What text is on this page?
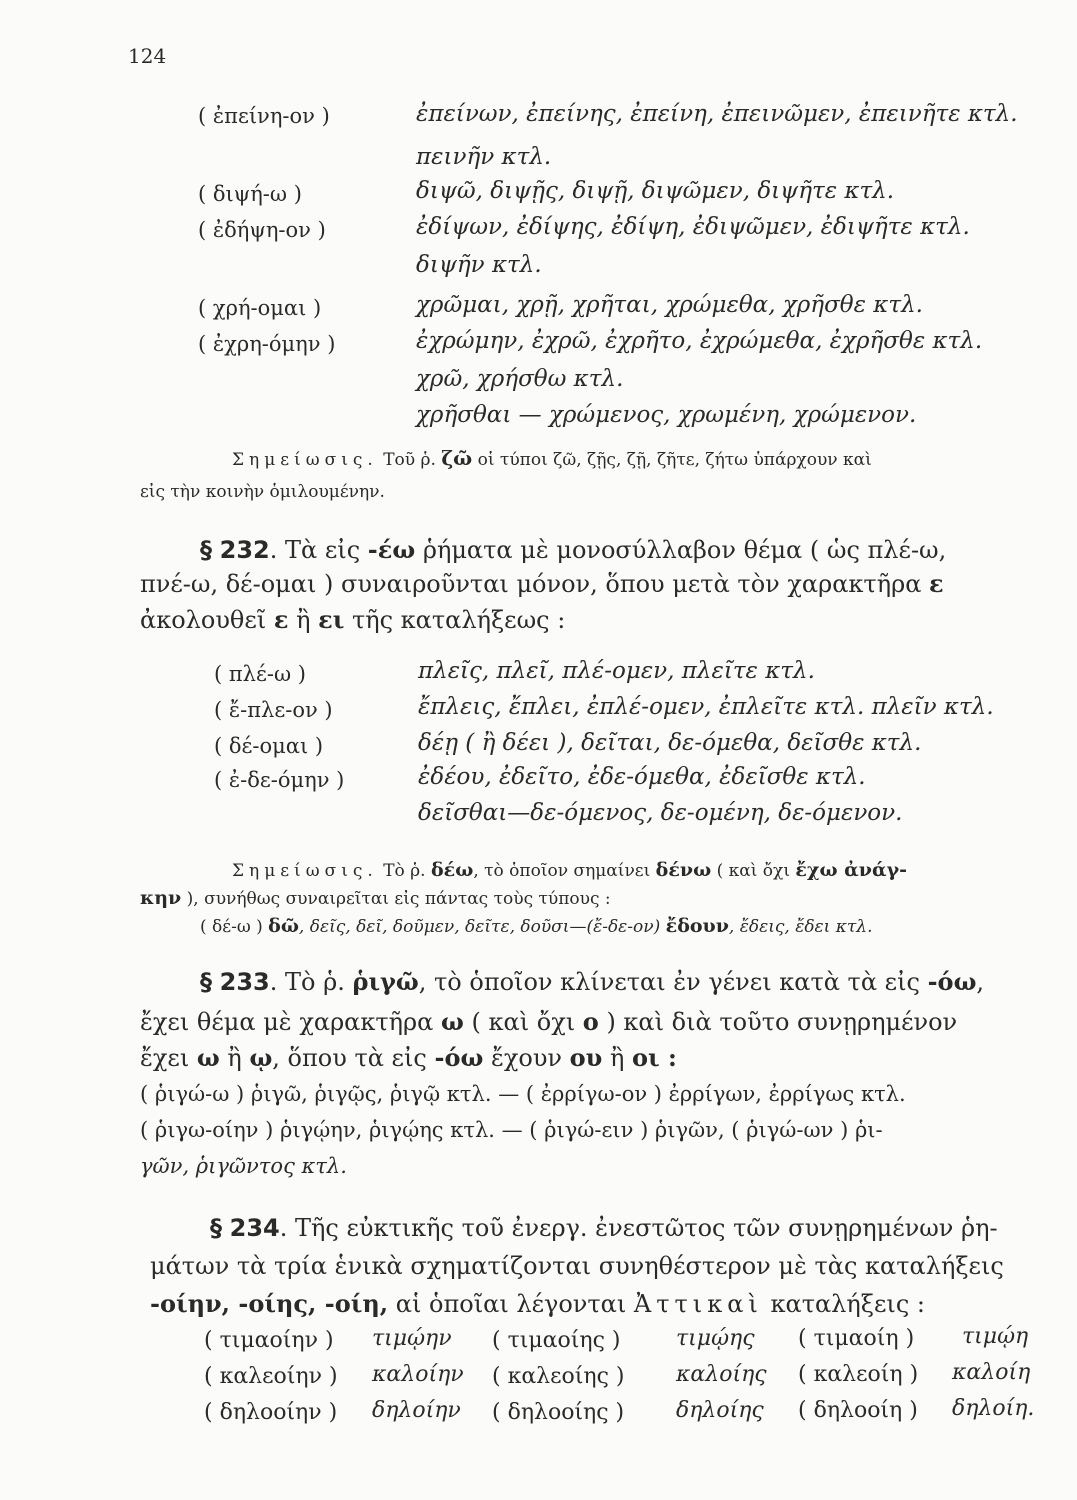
124
( ἐπείνη-ον )	ἐπείνων, ἐπείνης, ἐπείνη, ἐπεινῶμεν, ἐπεινῆτε κτλ.
πεινῆν κτλ.
( διψή-ω )	διψῶ, διψῇς, διψῇ, διψῶμεν, διψῆτε κτλ.
( ἐδήψη-ον )	ἐδίψων, ἐδίψης, ἐδίψη, ἐδιψῶμεν, ἐδιψῆτε κτλ.
διψῆν κτλ.
( χρή-ομαι )	χρῶμαι, χρῇ, χρῆται, χρώμεθα, χρῆσθε κτλ.
( ἐχρη-όμην )	ἐχρώμην, ἐχρῶ, ἐχρῆτο, ἐχρώμεθα, ἐχρῆσθε κτλ.
χρῶ, χρήσθω κτλ.
χρῆσθαι — χρώμενος, χρωμένη, χρώμενον.
Σημείωσις. Τοῦ ῥ. ζῶ οἱ τύποι ζῶ, ζῇς, ζῇ, ζῆτε, ζήτω ὑπάρχουν καὶ
εἰς τὴν κοινὴν ὁμιλουμένην.
§ 232. Τὰ εἰς -έω ῥήματα μὲ μονοσύλλαβον θέμα ( ὡς πλέ-ω,
πνέ-ω, δέ-ομαι ) συναιροῦνται μόνον, ὅπου μετὰ τὸν χαρακτῆρα ε
ἀκολουθεῖ ε ἢ ει τῆς καταλήξεως :
( πλέ-ω )	πλεῖς, πλεῖ, πλέ-ομεν, πλεῖτε κτλ.
( ἔ-πλε-ον )	ἔπλεις, ἔπλει, ἐπλέ-ομεν, ἐπλεῖτε κτλ. πλεῖν κτλ.
( δέ-ομαι )	δέῃ ( ἢ δέει ), δεῖται, δε-όμεθα, δεῖσθε κτλ.
( ἐ-δε-όμην )	ἐδέου, ἐδεῖτο, ἐδε-όμεθα, ἐδεῖσθε κτλ.
δεῖσθαι—δε-όμενος, δε-ομένη, δε-όμενον.
Σημείωσις. Τὸ ῥ. δέω, τὸ ὁποῖον σημαίνει δένω ( καὶ ὄχι ἔχω ἀνάγ-
κην ), συνήθως συναιρεῖται εἰς πάντας τοὺς τύπους :
( δέ-ω ) δῶ, δεῖς, δεῖ, δοῦμεν, δεῖτε, δοῦσι—(ἔ-δε-ον) ἔδουν, ἔδεις, ἔδει κτλ.
§ 233. Τὸ ῥ. ῥιγῶ, τὸ ὁποῖον κλίνεται ἐν γένει κατὰ τὰ εἰς -όω,
ἔχει θέμα μὲ χαρακτῆρα ω ( καὶ ὄχι ο ) καὶ διὰ τοῦτο συνῃρημένον
ἔχει ω ἢ ῳ, ὅπου τὰ εἰς -όω ἔχουν ου ἢ οι :
( ῥιγώ-ω ) ῥιγῶ, ῥιγῷς, ῥιγῷ κτλ. — ( ἐρρίγω-ον ) ἐρρίγων, ἐρρίγως κτλ.
( ῥιγω-οίην ) ῥιγῴην, ῥιγῴης κτλ. — ( ῥιγώ-ειν ) ῥιγῶν, ( ῥιγώ-ων ) ῥι-
γῶν, ῥιγῶντος κτλ.
§ 234. Τῆς εὐκτικῆς τοῦ ἐνεργ. ἐνεστῶτος τῶν συνῃρημένων ῥη-
μάτων τὰ τρία ἑνικὰ σχηματίζονται συνηθέστερον μὲ τὰς καταλήξεις
-οίην, -οίης, -οίη, αἱ ὁποῖαι λέγονται Ἀττικαὶ καταλήξεις :
( τιμαοίην ) τιμῴην ( τιμαοίης )	τιμῴης ( τιμαοίη ) τιμῴη
( καλεοίην ) καλοίην ( καλεοίης ) καλοίης ( καλεοίη ) καλοίη
( δηλοοίην ) δηλοίην ( δηλοοίης ) δηλοίης ( δηλοοίη ) δηλοίη.
